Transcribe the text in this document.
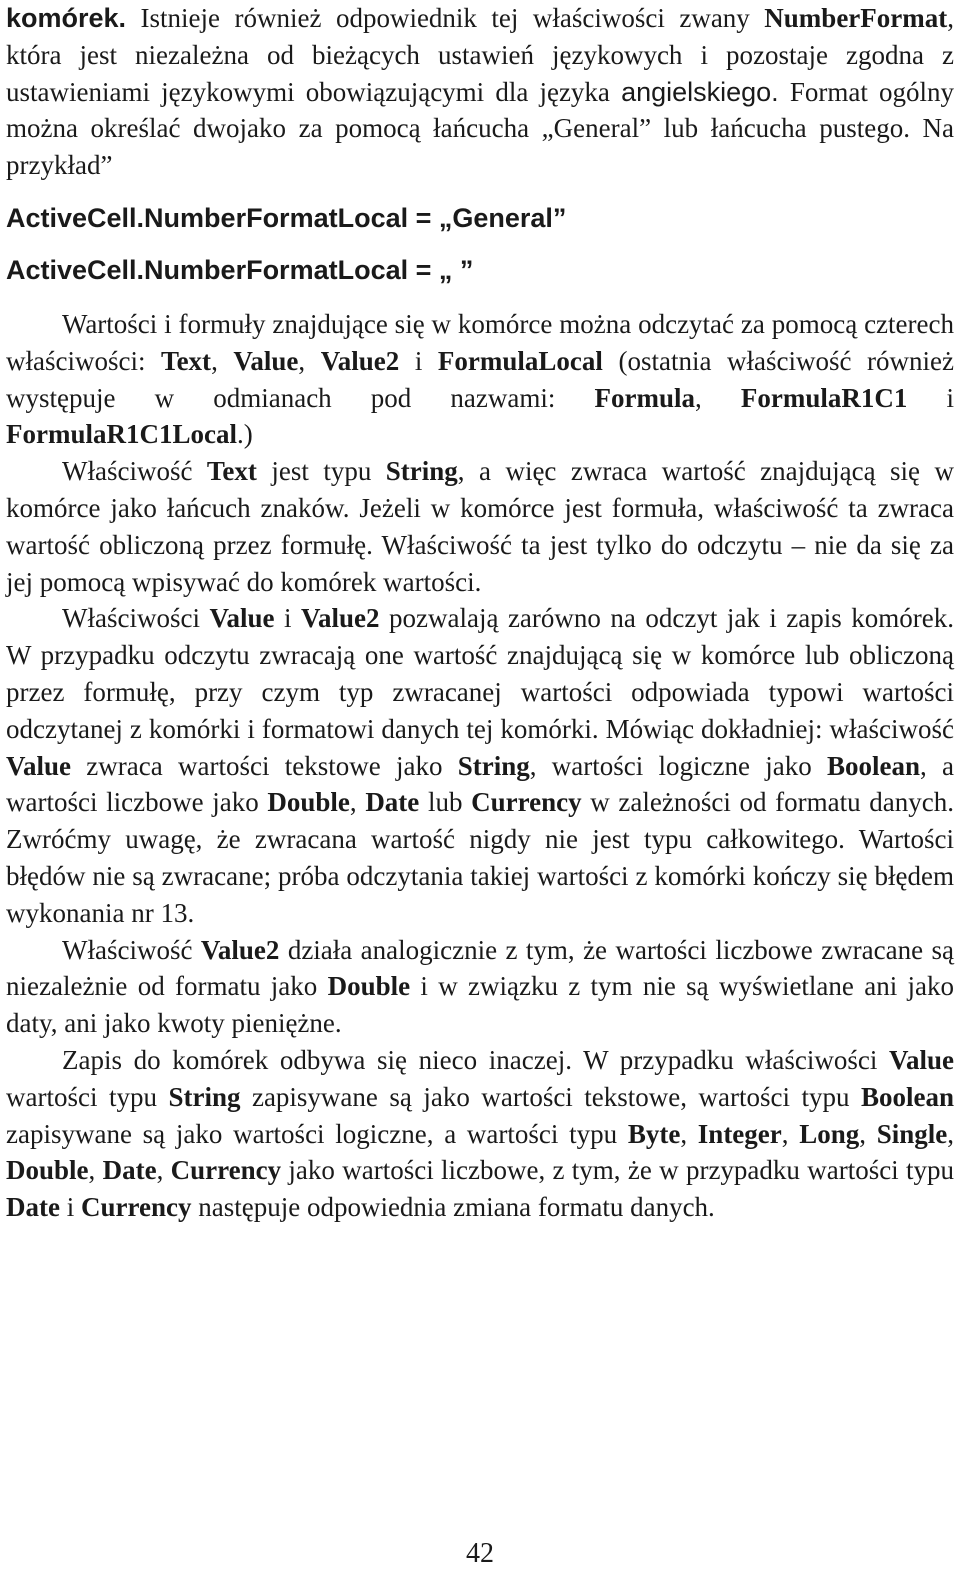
komórek. Istnieje również odpowiednik tej właściwości zwany NumberFormat, która jest niezależna od bieżących ustawień językowych i pozostaje zgodna z ustawieniami językowymi obowiązującymi dla języka angielskiego. Format ogólny można określać dwojako za pomocą łańcucha „General” lub łańcucha pustego. Na przykład”

ActiveCell.NumberFormatLocal = „General”

ActiveCell.NumberFormatLocal = „ ”

Wartości i formuły znajdujące się w komórce można odczytać za pomocą czterech właściwości: Text, Value, Value2 i FormulaLocal (ostatnia właściwość również występuje w odmianach pod nazwami: Formula, FormulaR1C1 i FormulaR1C1Local.)

Właściwość Text jest typu String, a więc zwraca wartość znajdującą się w komórce jako łańcuch znaków. Jeżeli w komórce jest formuła, właściwość ta zwraca wartość obliczoną przez formułę. Właściwość ta jest tylko do odczytu – nie da się za jej pomocą wpisywać do komórek wartości.

Właściwości Value i Value2 pozwalają zarówno na odczyt jak i zapis komórek. W przypadku odczytu zwracają one wartość znajdującą się w komórce lub obliczoną przez formułę, przy czym typ zwracanej wartości odpowiada typowi wartości odczytanej z komórki i formatowi danych tej komórki. Mówiąc dokładniej: właściwość Value zwraca wartości tekstowe jako String, wartości logiczne jako Boolean, a wartości liczbowe jako Double, Date lub Currency w zależności od formatu danych. Zwróćmy uwagę, że zwracana wartość nigdy nie jest typu całkowitego. Wartości błędów nie są zwracane; próba odczytania takiej wartości z komórki kończy się błędem wykonania nr 13.

Właściwość Value2 działa analogicznie z tym, że wartości liczbowe zwracane są niezależnie od formatu jako Double i w związku z tym nie są wyświetlane ani jako daty, ani jako kwoty pieniężne.

Zapis do komórek odbywa się nieco inaczej. W przypadku właściwości Value wartości typu String zapisywane są jako wartości tekstowe, wartości typu Boolean zapisywane są jako wartości logiczne, a wartości typu Byte, Integer, Long, Single, Double, Date, Currency jako wartości liczbowe, z tym, że w przypadku wartości typu Date i Currency następuje odpowiednia zmiana formatu danych.

42
